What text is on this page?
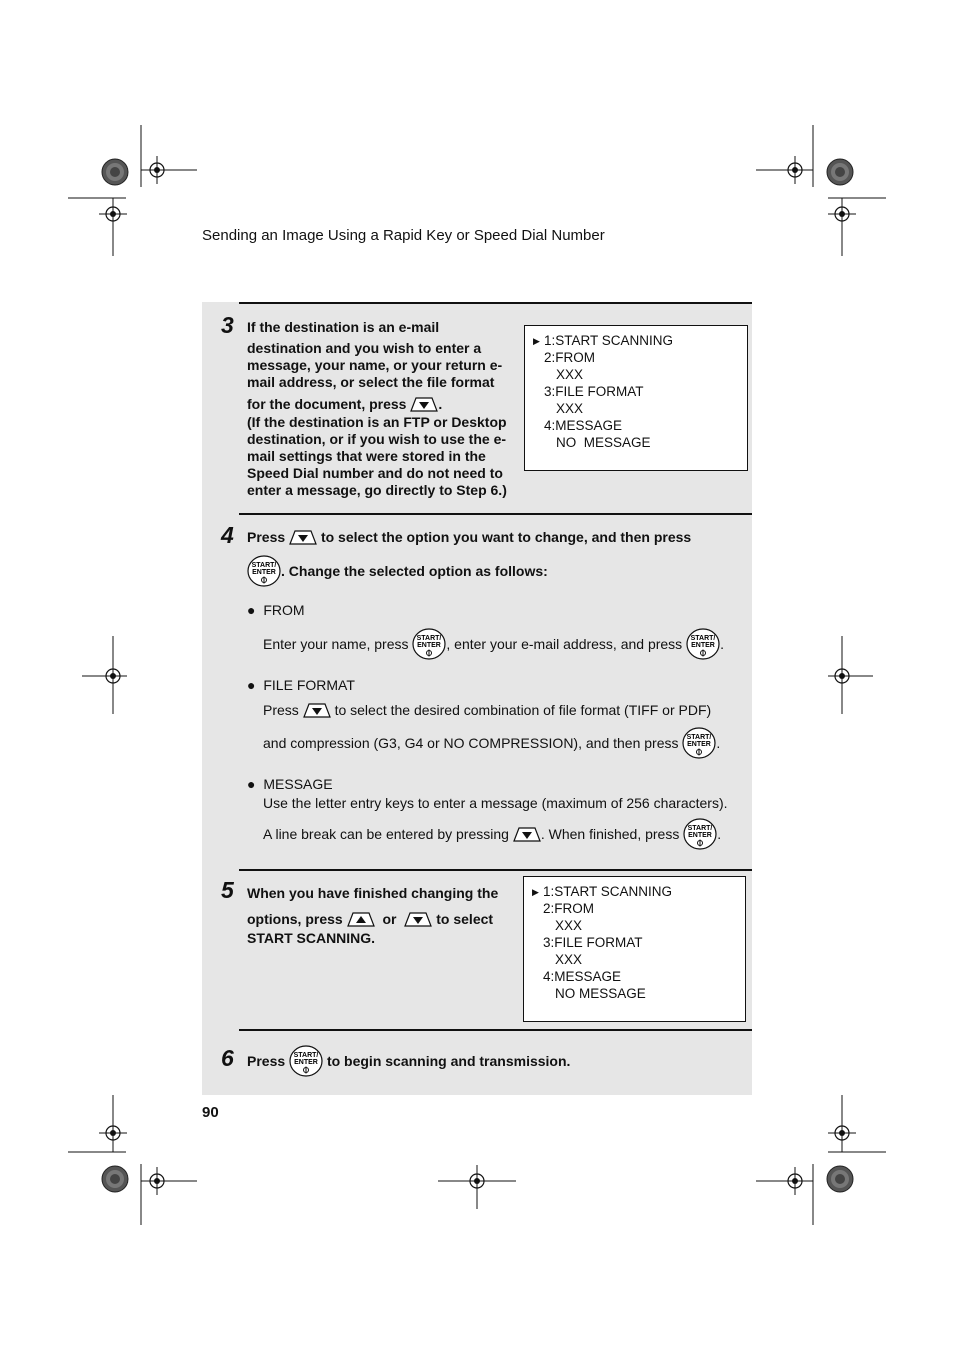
Sending an Image Using a Rapid Key or Speed Dial Number
3 If the destination is an e-mail
destination and you wish to enter a
message, your name, or your return e-
mail address, or select the file format
for the document, press .
(If the destination is an FTP or Desktop
destination, or if you wish to use the e-
mail settings that were stored in the
Speed Dial number and do not need to
enter a message, go directly to Step 6.)
▶ 1:START SCANNING
2:FROM
XXX
3:FILE FORMAT
XXX
4:MESSAGE
NO  MESSAGE
4 Press	to select the option you want to change, and then press
START/
ENTER . Change the selected option as follows:
● FROM
Enter your name, press START/
ENTER , enter your e-mail address, and press START/
ENTER .
● FILE FORMAT
Press	to select the desired combination of file format (TIFF or PDF)
and compression (G3, G4 or NO COMPRESSION), and then press START/
ENTER .
● MESSAGE
Use the letter entry keys to enter a message (maximum of 256 characters).
A line break can be entered by pressing . When finished, press START/
ENTER .
5 When you have finished changing the
options, press	or	to select
START SCANNING.
▶ 1:START SCANNING
2:FROM
XXX
3:FILE FORMAT
XXX
4:MESSAGE
NO MESSAGE
6 Press START/
ENTER to begin scanning and transmission.
90
